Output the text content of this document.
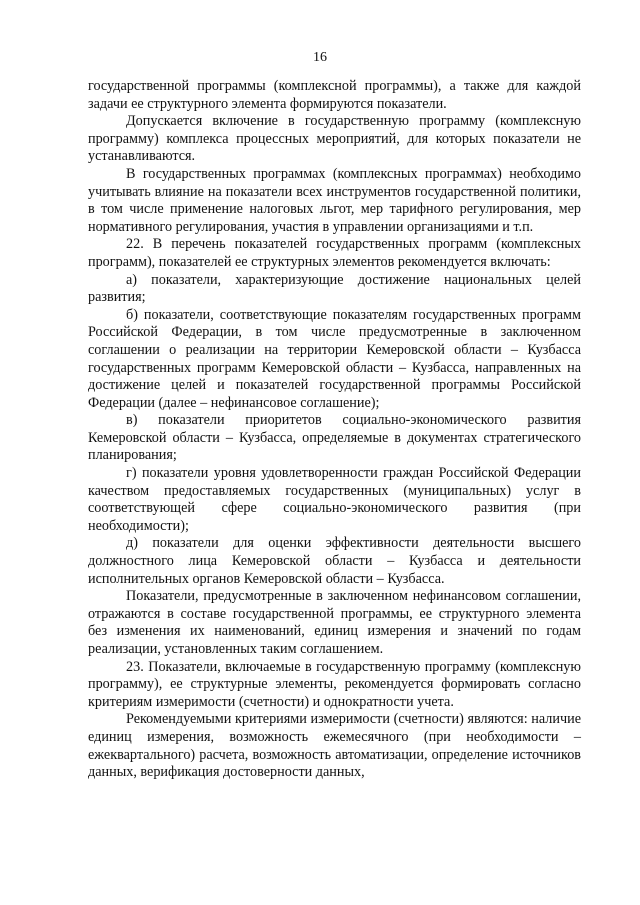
16

государственной программы (комплексной программы), а также для каждой задачи ее структурного элемента формируются показатели.

Допускается включение в государственную программу (комплексную программу) комплекса процессных мероприятий, для которых показатели не устанавливаются.

В государственных программах (комплексных программах) необходимо учитывать влияние на показатели всех инструментов государственной политики, в том числе применение налоговых льгот, мер тарифного регулирования, мер нормативного регулирования, участия в управлении организациями и т.п.

22. В перечень показателей государственных программ (комплексных программ), показателей ее структурных элементов рекомендуется включать:

а) показатели, характеризующие достижение национальных целей развития;

б) показатели, соответствующие показателям государственных программ Российской Федерации, в том числе предусмотренные в заключенном соглашении о реализации на территории Кемеровской области – Кузбасса государственных программ Кемеровской области – Кузбасса, направленных на достижение целей и показателей государственной программы Российской Федерации (далее – нефинансовое соглашение);

в) показатели приоритетов социально-экономического развития Кемеровской области – Кузбасса, определяемые в документах стратегического планирования;

г) показатели уровня удовлетворенности граждан Российской Федерации качеством предоставляемых государственных (муниципальных) услуг в соответствующей сфере социально-экономического развития (при необходимости);

д) показатели для оценки эффективности деятельности высшего должностного лица Кемеровской области – Кузбасса и деятельности исполнительных органов Кемеровской области – Кузбасса.

Показатели, предусмотренные в заключенном нефинансовом соглашении, отражаются в составе государственной программы, ее структурного элемента без изменения их наименований, единиц измерения и значений по годам реализации, установленных таким соглашением.

23. Показатели, включаемые в государственную программу (комплексную программу), ее структурные элементы, рекомендуется формировать согласно критериям измеримости (счетности) и однократности учета.

Рекомендуемыми критериями измеримости (счетности) являются: наличие единиц измерения, возможность ежемесячного (при необходимости – ежеквартального) расчета, возможность автоматизации, определение источников данных, верификация достоверности данных,
